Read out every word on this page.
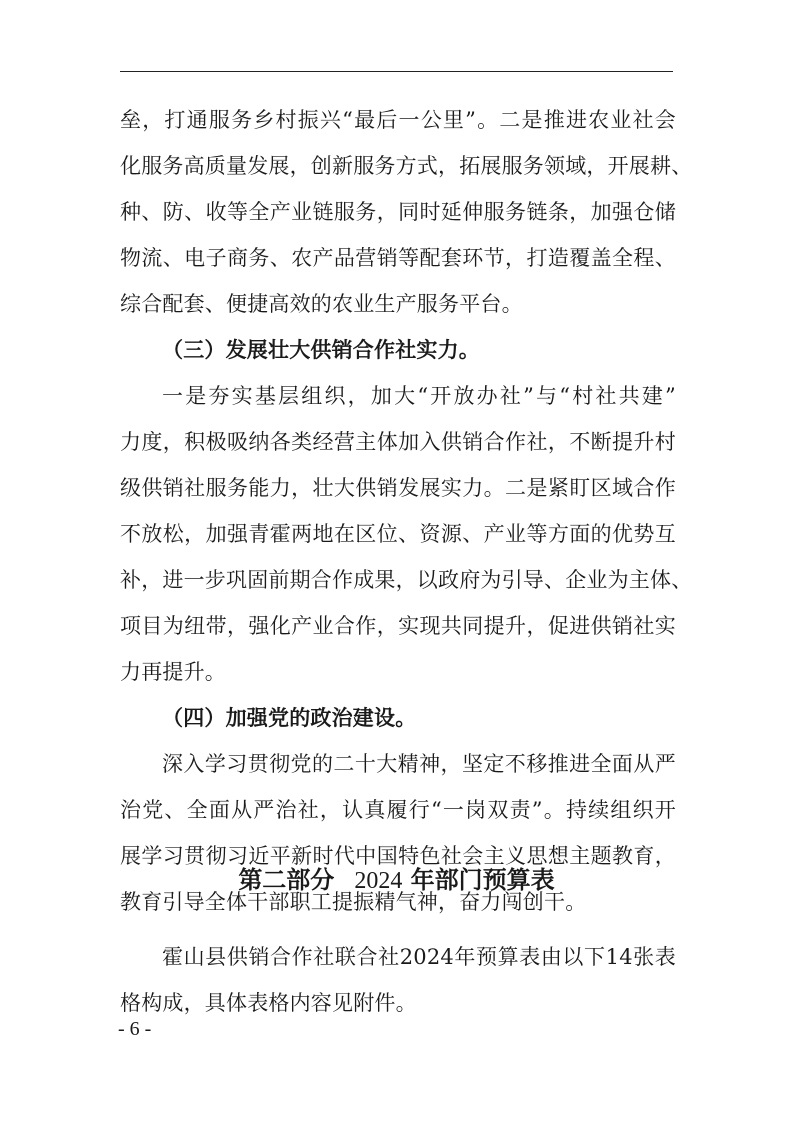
垒，打通服务乡村振兴“最后一公里”。二是推进农业社会
化服务高质量发展，创新服务方式，拓展服务领域，开展耕、
种、防、收等全产业链服务，同时延伸服务链条，加强仓储
物流、电子商务、农产品营销等配套环节，打造覆盖全程、
综合配套、便捷高效的农业生产服务平台。
（三）发展壮大供销合作社实力。
一是夯实基层组织，加大“开放办社”与“村社共建”
力度，积极吸纳各类经营主体加入供销合作社，不断提升村
级供销社服务能力，壮大供销发展实力。二是紧盯区域合作
不放松，加强青霍两地在区位、资源、产业等方面的优势互
补，进一步巩固前期合作成果，以政府为引导、企业为主体、
项目为纽带，强化产业合作，实现共同提升，促进供销社实
力再提升。
（四）加强党的政治建设。
深入学习贯彻党的二十大精神，坚定不移推进全面从严
治党、全面从严治社，认真履行“一岗双责”。持续组织开
展学习贯彻习近平新时代中国特色社会主义思想主题教育，
教育引导全体干部职工提振精气神，奋力闯创干。
第二部分 2024 年部门预算表
霍山县供销合作社联合社2024年预算表由以下14张表
格构成，具体表格内容见附件。
- 6 -
